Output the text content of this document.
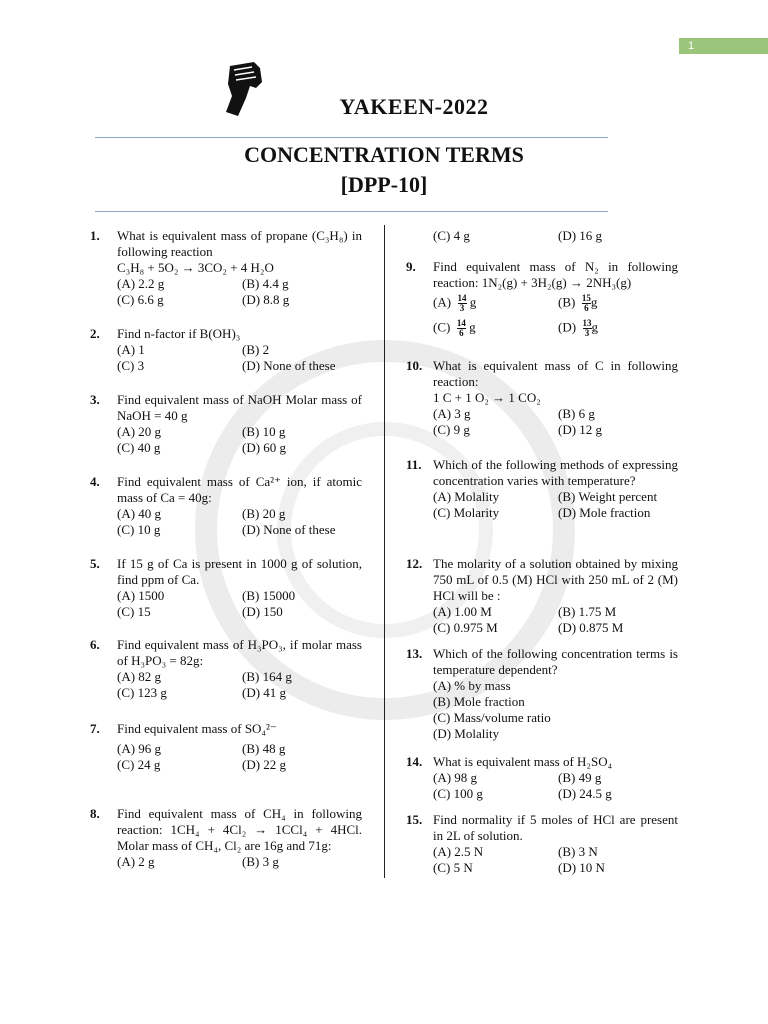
1
YAKEEN-2022
CONCENTRATION TERMS
[DPP-10]
1. What is equivalent mass of propane (C₃H₈) in following reaction
C₃H₈ + 5O₂ → 3CO₂ + 4 H₂O
(A) 2.2 g	(B) 4.4 g
(C) 6.6 g	(D) 8.8 g
2. Find n-factor if B(OH)₃
(A) 1	(B) 2
(C) 3	(D) None of these
3. Find equivalent mass of NaOH Molar mass of NaOH = 40 g
(A) 20 g	(B) 10 g
(C) 40 g	(D) 60 g
4. Find equivalent mass of Ca²⁺ ion, if atomic mass of Ca = 40g:
(A) 40 g	(B) 20 g
(C) 10 g	(D) None of these
5. If 15 g of Ca is present in 1000 g of solution, find ppm of Ca.
(A) 1500	(B) 15000
(C) 15	(D) 150
6. Find equivalent mass of H₃PO₃, if molar mass of H₃PO₃ = 82g:
(A) 82 g	(B) 164 g
(C) 123 g	(D) 41 g
7. Find equivalent mass of SO₄²⁻
(A) 96 g	(B) 48 g
(C) 24 g	(D) 22 g
8. Find equivalent mass of CH₄ in following reaction: 1CH₄ + 4Cl₂ → 1CCl₄ + 4HCl. Molar mass of CH₄, Cl₂ are 16g and 71g:
(A) 2 g	(B) 3 g
(C) 4 g	(D) 16 g
9. Find equivalent mass of N₂ in following reaction: 1N₂(g) + 3H₂(g) → 2NH₃(g)
$(A) \frac{14}{3}$ g	$(B) \frac{15}{6}$ g
$(C) \frac{14}{6}$ g	$(D) \frac{13}{3}$ g
10. What is equivalent mass of C in following reaction:
1 C + 1 O₂ → 1 CO₂
(A) 3 g	(B) 6 g
(C) 9 g	(D) 12 g
11. Which of the following methods of expressing concentration varies with temperature?
(A) Molality	(B) Weight percent
(C) Molarity	(D) Mole fraction
12. The molarity of a solution obtained by mixing 750 mL of 0.5 (M) HCl with 250 mL of 2 (M) HCl will be :
(A) 1.00 M	(B) 1.75 M
(C) 0.975 M	(D) 0.875 M
13. Which of the following concentration terms is temperature dependent?
(A) % by mass
(B) Mole fraction
(C) Mass/volume ratio
(D) Molality
14. What is equivalent mass of H₂SO₄
(A) 98 g	(B) 49 g
(C) 100 g	(D) 24.5 g
15. Find normality if 5 moles of HCl are present in 2L of solution.
(A) 2.5 N	(B) 3 N
(C) 5 N	(D) 10 N
